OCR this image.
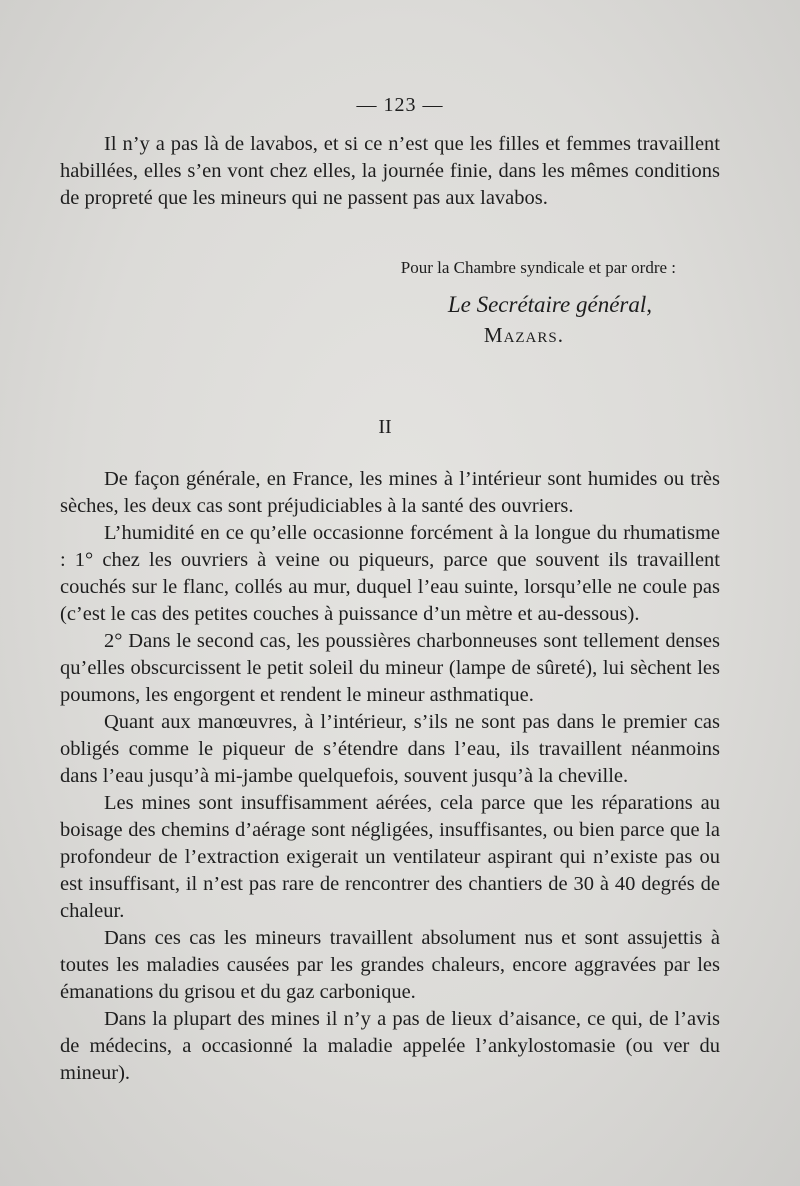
— 123 —

Il n’y a pas là de lavabos, et si ce n’est que les filles et femmes travaillent habillées, elles s’en vont chez elles, la journée finie, dans les mêmes conditions de propreté que les mineurs qui ne passent pas aux lavabos.

Pour la Chambre syndicale et par ordre :
Le Secrétaire général,
Mazars.
II

De façon générale, en France, les mines à l’intérieur sont humides ou très sèches, les deux cas sont préjudiciables à la santé des ouvriers.

L’humidité en ce qu’elle occasionne forcément à la longue du rhumatisme : 1° chez les ouvriers à veine ou piqueurs, parce que souvent ils travaillent couchés sur le flanc, collés au mur, duquel l’eau suinte, lorsqu’elle ne coule pas (c’est le cas des petites couches à puissance d’un mètre et au-dessous).

2° Dans le second cas, les poussières charbonneuses sont tellement denses qu’elles obscurcissent le petit soleil du mineur (lampe de sûreté), lui sèchent les poumons, les engorgent et rendent le mineur asthmatique.

Quant aux manœuvres, à l’intérieur, s’ils ne sont pas dans le premier cas obligés comme le piqueur de s’étendre dans l’eau, ils travaillent néanmoins dans l’eau jusqu’à mi-jambe quelquefois, souvent jusqu’à la cheville.

Les mines sont insuffisamment aérées, cela parce que les réparations au boisage des chemins d’aérage sont négligées, insuffisantes, ou bien parce que la profondeur de l’extraction exigerait un ventilateur aspirant qui n’existe pas ou est insuffisant, il n’est pas rare de rencontrer des chantiers de 30 à 40 degrés de chaleur.

Dans ces cas les mineurs travaillent absolument nus et sont assujettis à toutes les maladies causées par les grandes chaleurs, encore aggravées par les émanations du grisou et du gaz carbonique.

Dans la plupart des mines il n’y a pas de lieux d’aisance, ce qui, de l’avis de médecins, a occasionné la maladie appelée l’ankylostomasie (ou ver du mineur).
